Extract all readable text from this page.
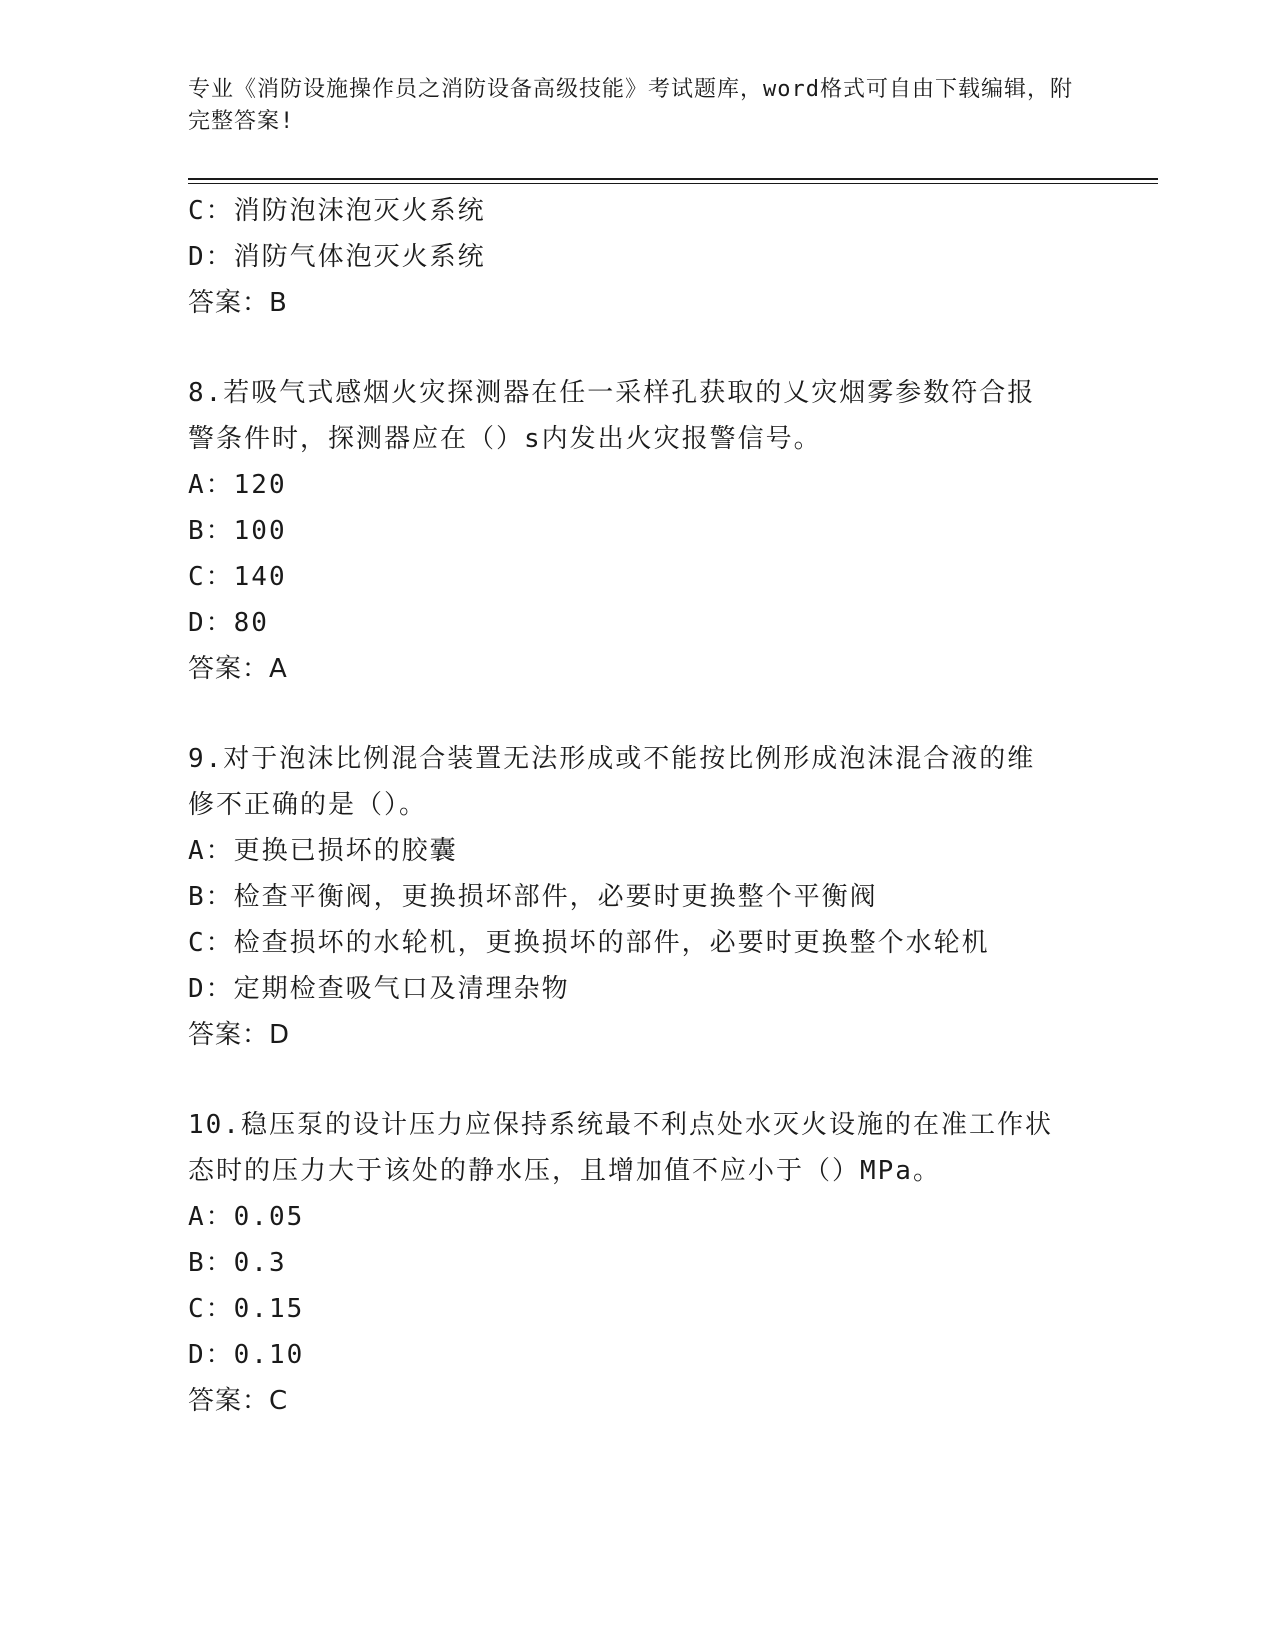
专业《消防设施操作员之消防设备高级技能》考试题库，word格式可自由下载编辑，附完整答案!
C：消防泡沫泡灭火系统
D：消防气体泡灭火系统
答案：B
8.若吸气式感烟火灾探测器在任一采样孔获取的乂灾烟雾参数符合报
警条件时，探测器应在（）s内发出火灾报警信号。
A：120
B：100
C：140
D：80
答案：A
9.对于泡沫比例混合装置无法形成或不能按比例形成泡沫混合液的维
修不正确的是（）。
A：更换已损坏的胶囊
B：检查平衡阀，更换损坏部件，必要时更换整个平衡阀
C：检查损坏的水轮机，更换损坏的部件，必要时更换整个水轮机
D：定期检查吸气口及清理杂物
答案：D
10.稳压泵的设计压力应保持系统最不利点处水灭火设施的在准工作状
态时的压力大于该处的静水压，且增加值不应小于（）MPa。
A：0.05
B：0.3
C：0.15
D：0.10
答案：C
